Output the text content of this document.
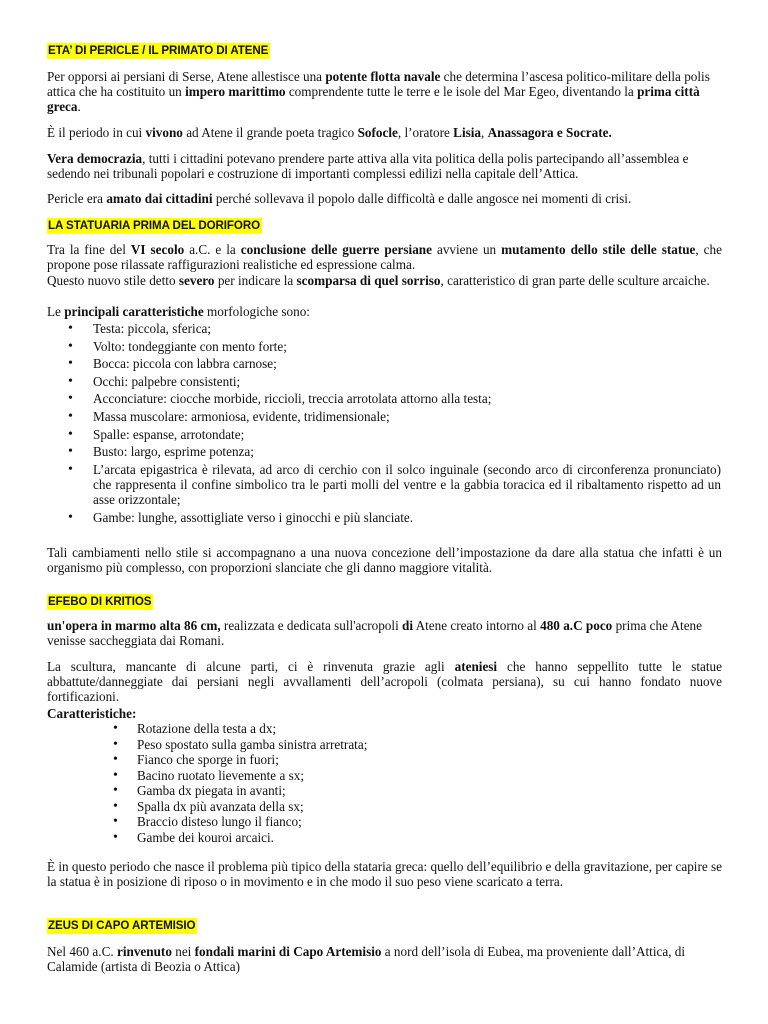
ETA’ DI PERICLE / IL PRIMATO DI ATENE
Per opporsi ai persiani di Serse, Atene allestisce una potente flotta navale che determina l’ascesa politico-militare della polis attica che ha costituito un impero marittimo comprendente tutte le terre e le isole del Mar Egeo, diventando la prima città greca.
È il periodo in cui vivono ad Atene il grande poeta tragico Sofocle, l’oratore Lisia, Anassagora e Socrate.
Vera democrazia, tutti i cittadini potevano prendere parte attiva alla vita politica della polis partecipando all’assemblea e sedendo nei tribunali popolari e costruzione di importanti complessi edilizi nella capitale dell’Attica.
Pericle era amato dai cittadini perché sollevava il popolo dalle difficoltà e dalle angosce nei momenti di crisi.
LA STATUARIA PRIMA DEL DORIFORO
Tra la fine del VI secolo a.C. e la conclusione delle guerre persiane avviene un mutamento dello stile delle statue, che propone pose rilassate raffigurazioni realistiche ed espressione calma.
Questo nuovo stile detto severo per indicare la scomparsa di quel sorriso, caratteristico di gran parte delle sculture arcaiche.
Le principali caratteristiche morfologiche sono:
• Testa: piccola, sferica;
• Volto: tondeggiante con mento forte;
• Bocca: piccola con labbra carnose;
• Occhi: palpebre consistenti;
• Acconciature: ciocche morbide, riccioli, treccia arrotolata attorno alla testa;
• Massa muscolare: armoniosa, evidente, tridimensionale;
• Spalle: espanse, arrotondate;
• Busto: largo, esprime potenza;
• L’arcata epigastrica è rilevata, ad arco di cerchio con il solco inguinale (secondo arco di circonferenza pronunciato) che rappresenta il confine simbolico tra le parti molli del ventre e la gabbia toracica ed il ribaltamento rispetto ad un asse orizzontale;
• Gambe: lunghe, assottigliate verso i ginocchi e più slanciate.
Tali cambiamenti nello stile si accompagnano a una nuova concezione dell’impostazione da dare alla statua che infatti è un organismo più complesso, con proporzioni slanciate che gli danno maggiore vitalità.
EFEBO DI KRITIOS
un'opera in marmo alta 86 cm, realizzata e dedicata sull'acropoli di Atene creato intorno al 480 a.C poco prima che Atene venisse saccheggiata dai Romani.
La scultura, mancante di alcune parti, ci è rinvenuta grazie agli ateniesi che hanno seppellito tutte le statue abbattute/danneggiate dai persiani negli avvallamenti dell’acropoli (colmata persiana), su cui hanno fondato nuove fortificazioni.
Caratteristiche:
• Rotazione della testa a dx;
• Peso spostato sulla gamba sinistra arretrata;
• Fianco che sporge in fuori;
• Bacino ruotato lievemente a sx;
• Gamba dx piegata in avanti;
• Spalla dx più avanzata della sx;
• Braccio disteso lungo il fianco;
• Gambe dei kouroi arcaici.
È in questo periodo che nasce il problema più tipico della stataria greca: quello dell’equilibrio e della gravitazione, per capire se la statua è in posizione di riposo o in movimento e in che modo il suo peso viene scaricato a terra.
ZEUS DI CAPO ARTEMISIO
Nel 460 a.C. rinvenuto nei fondali marini di Capo Artemisio a nord dell’isola di Eubea, ma proveniente dall’Attica, di Calamide (artista di Beozia o Attica)
